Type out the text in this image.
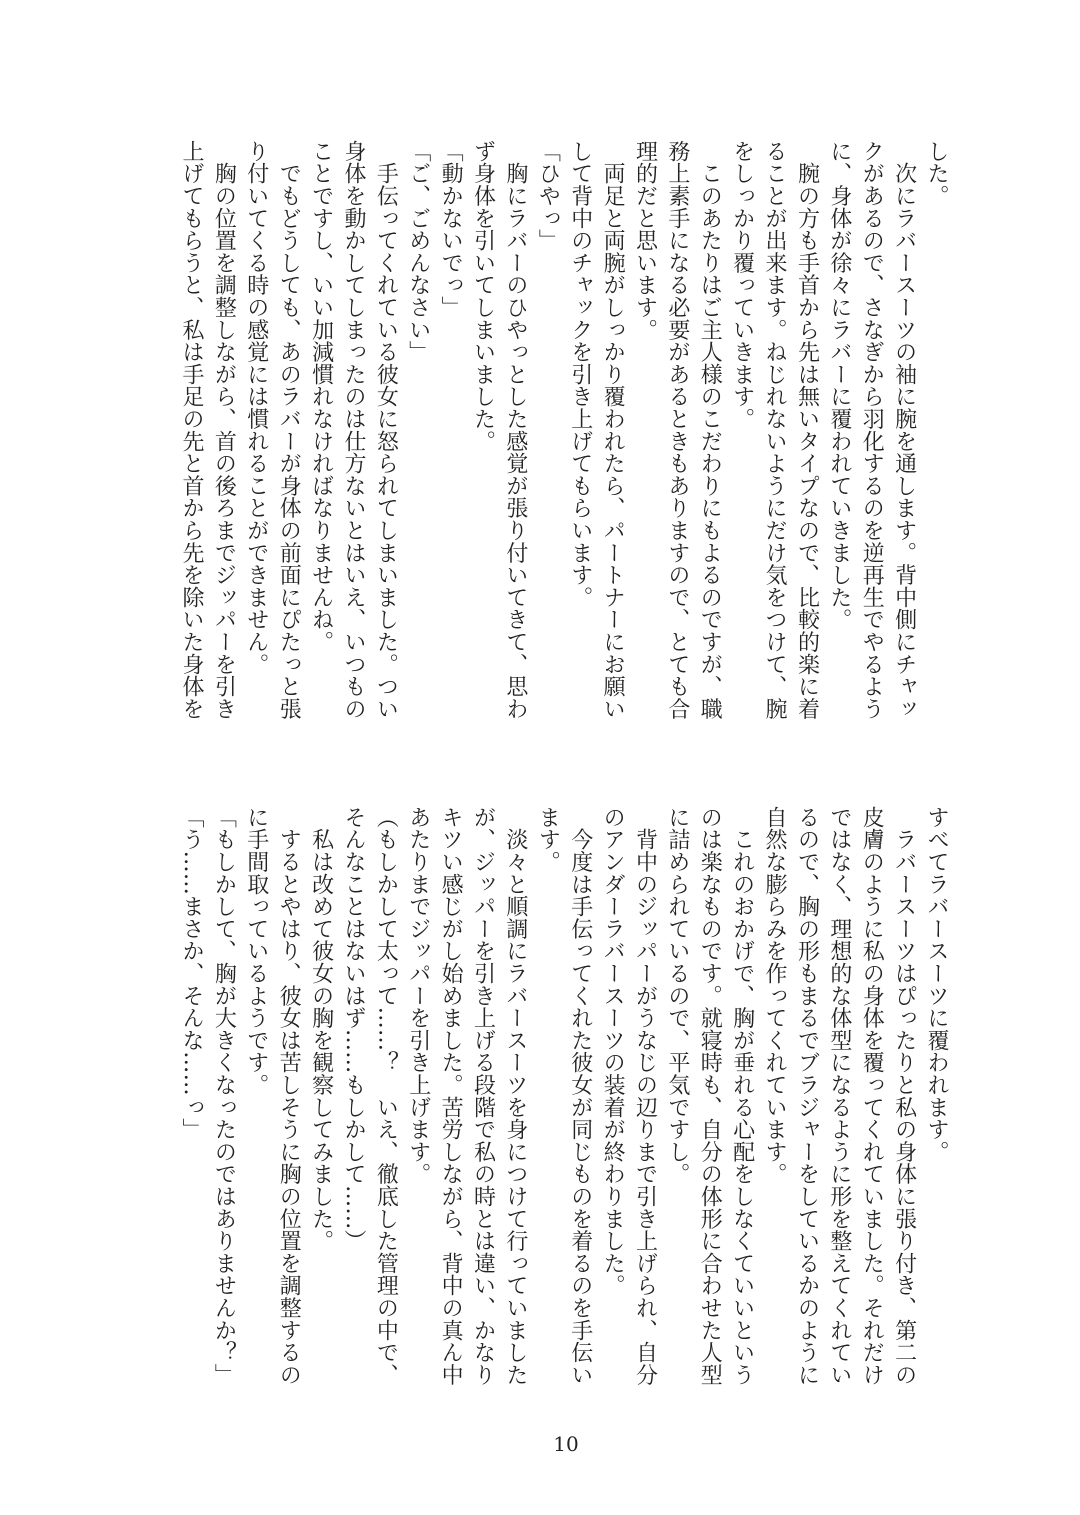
した。
　次にラバースーツの袖に腕を通します。背中側にチャッ
クがあるので、さなぎから羽化するのを逆再生でやるよう
に、身体が徐々にラバーに覆われていきました。
　腕の方も手首から先は無いタイプなので、比較的楽に着
ることが出来ます。ねじれないようにだけ気をつけて、腕
をしっかり覆っていきます。
　このあたりはご主人様のこだわりにもよるのですが、職
務上素手になる必要があるときもありますので、とても合
理的だと思います。
　両足と両腕がしっかり覆われたら、パートナーにお願い
して背中のチャックを引き上げてもらいます。
「ひやっ」
　胸にラバーのひやっとした感覚が張り付いてきて、思わ
ず身体を引いてしまいました。
「動かないでっ」
「ご、ごめんなさい」
　手伝ってくれている彼女に怒られてしまいました。つい
身体を動かしてしまったのは仕方ないとはいえ、いつもの
ことですし、いい加減慣れなければなりませんね。
　でもどうしても、あのラバーが身体の前面にぴたっと張
り付いてくる時の感覚には慣れることができません。
　胸の位置を調整しながら、首の後ろまでジッパーを引き
上げてもらうと、私は手足の先と首から先を除いた身体を
すべてラバースーツに覆われます。
　ラバースーツはぴったりと私の身体に張り付き、第二の
皮膚のように私の身体を覆ってくれていました。それだけ
ではなく、理想的な体型になるように形を整えてくれてい
るので、胸の形もまるでブラジャーをしているかのように
自然な膨らみを作ってくれています。
　これのおかげで、胸が垂れる心配をしなくていいという
のは楽なものです。就寝時も、自分の体形に合わせた人型
に詰められているので、平気ですし。
　背中のジッパーがうなじの辺りまで引き上げられ、自分
のアンダーラバースーツの装着が終わりました。
　今度は手伝ってくれた彼女が同じものを着るのを手伝い
ます。
　淡々と順調にラバースーツを身につけて行っていました
が、ジッパーを引き上げる段階で私の時とは違い、かなり
キツい感じがし始めました。苦労しながら、背中の真ん中
あたりまでジッパーを引き上げます。
（もしかして太って……？　いえ、徹底した管理の中で、
そんなことはないはず……もしかして……）
　私は改めて彼女の胸を観察してみました。
　するとやはり、彼女は苦しそうに胸の位置を調整するの
に手間取っているようです。
「もしかして、胸が大きくなったのではありませんか？」
「う……まさか、そんな……っ」
10
